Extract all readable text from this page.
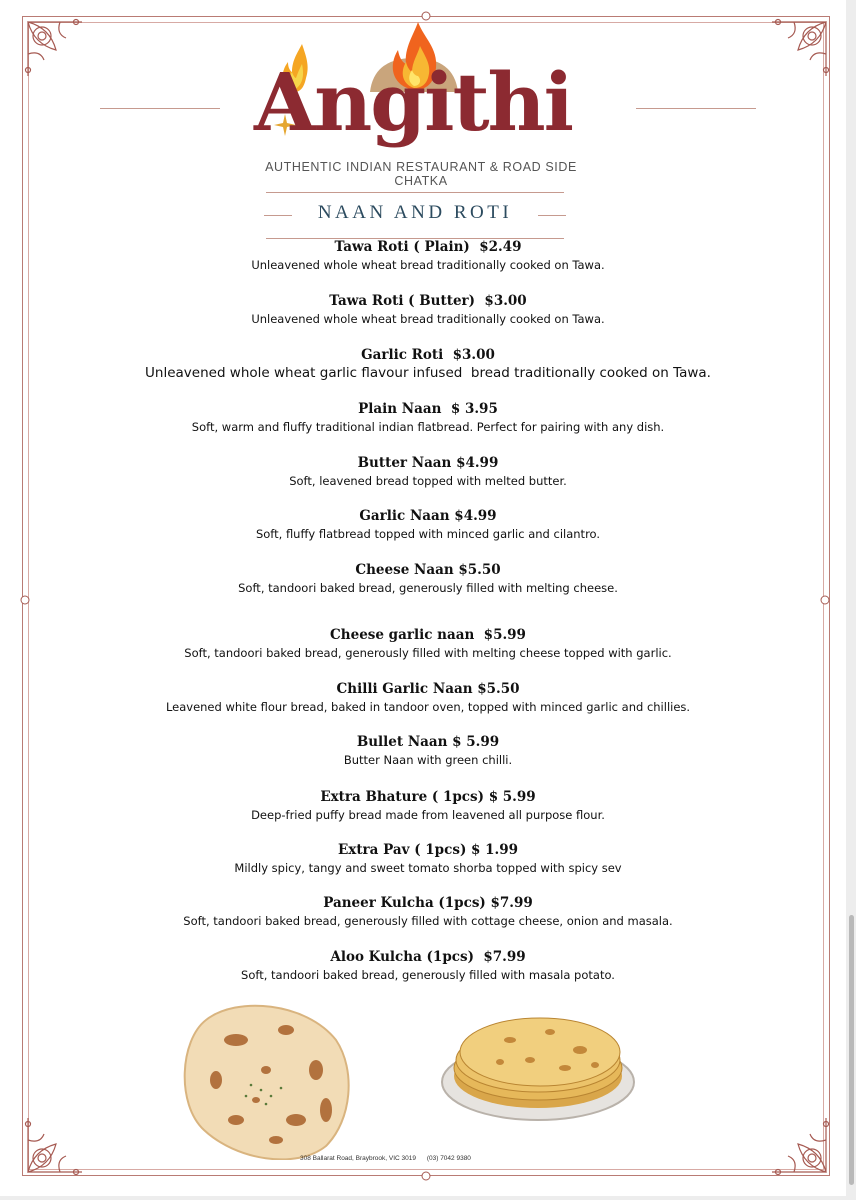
Angithi
AUTHENTIC INDIAN RESTAURANT & ROAD SIDE CHATKA
NAAN AND ROTI
Tawa Roti ( Plain)  $2.49
Unleavened whole wheat bread traditionally cooked on Tawa.
Tawa Roti ( Butter)  $3.00
Unleavened whole wheat bread traditionally cooked on Tawa.
Garlic Roti  $3.00
Unleavened whole wheat garlic flavour infused  bread traditionally cooked on Tawa.
Plain Naan  $ 3.95
Soft, warm and fluffy traditional indian flatbread. Perfect for pairing with any dish.
Butter Naan $4.99
Soft, leavened bread topped with melted butter.
Garlic Naan $4.99
Soft, fluffy flatbread topped with minced garlic and cilantro.
Cheese Naan $5.50
Soft, tandoori baked bread, generously filled with melting cheese.
Cheese garlic naan  $5.99
Soft, tandoori baked bread, generously filled with melting cheese topped with garlic.
Chilli Garlic Naan $5.50
Leavened white flour bread, baked in tandoor oven, topped with minced garlic and chillies.
Bullet Naan $ 5.99
Butter Naan with green chilli.
Extra Bhature ( 1pcs) $ 5.99
Deep-fried puffy bread made from leavened all purpose flour.
Extra Pav ( 1pcs) $ 1.99
Mildly spicy, tangy and sweet tomato shorba topped with spicy sev
Paneer Kulcha (1pcs) $7.99
Soft, tandoori baked bread, generously filled with cottage cheese, onion and masala.
Aloo Kulcha (1pcs)  $7.99
Soft, tandoori baked bread, generously filled with masala potato.
308 Ballarat Road, Braybrook, VIC 3019 (03) 7042 9380
